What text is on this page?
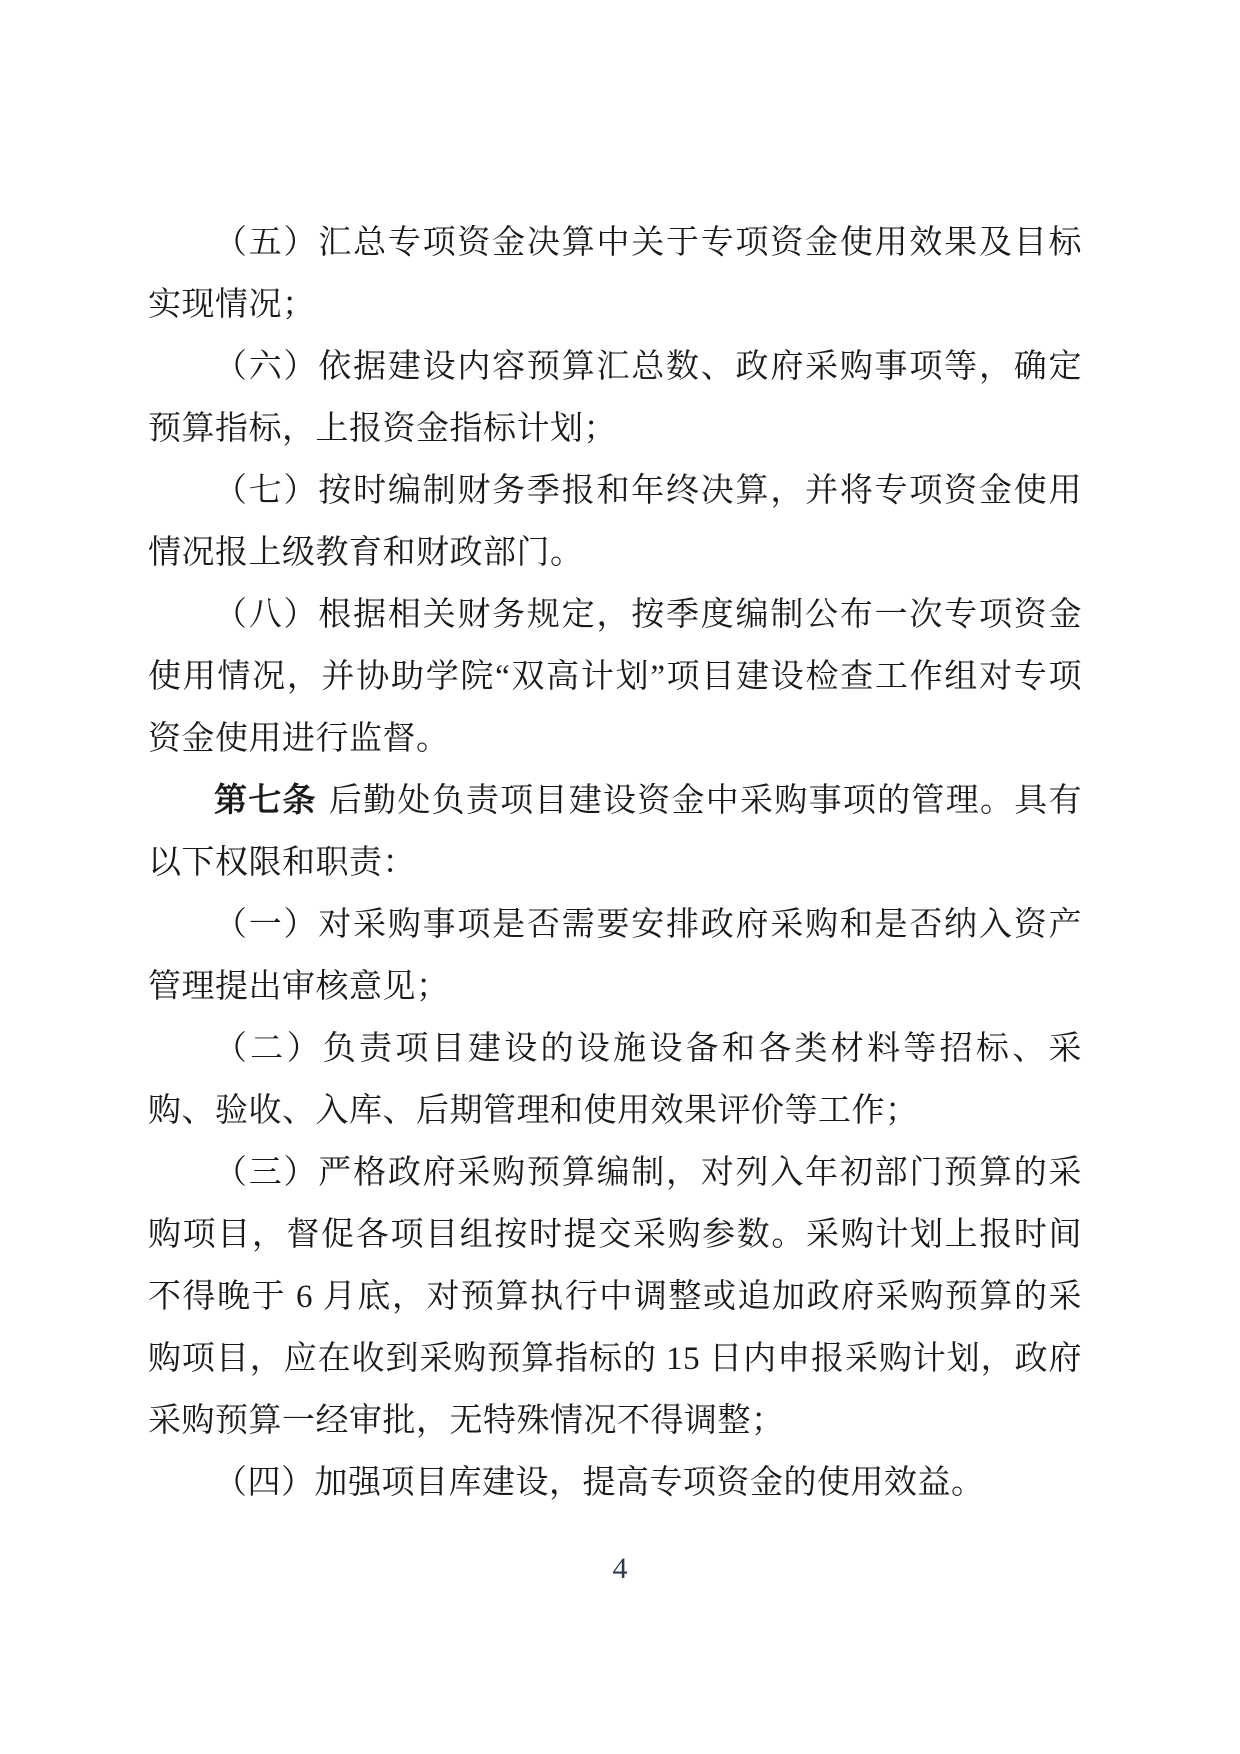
（五）汇总专项资金决算中关于专项资金使用效果及目标实现情况；

（六）依据建设内容预算汇总数、政府采购事项等，确定预算指标，上报资金指标计划；

（七）按时编制财务季报和年终决算，并将专项资金使用情况报上级教育和财政部门。

（八）根据相关财务规定，按季度编制公布一次专项资金使用情况，并协助学院“双高计划”项目建设检查工作组对专项资金使用进行监督。

第七条 后勤处负责项目建设资金中采购事项的管理。具有以下权限和职责：

（一）对采购事项是否需要安排政府采购和是否纳入资产管理提出审核意见；

（二）负责项目建设的设施设备和各类材料等招标、采购、验收、入库、后期管理和使用效果评价等工作；

（三）严格政府采购预算编制，对列入年初部门预算的采购项目，督促各项目组按时提交采购参数。采购计划上报时间不得晚于 6 月底，对预算执行中调整或追加政府采购预算的采购项目，应在收到采购预算指标的 15 日内申报采购计划，政府采购预算一经审批，无特殊情况不得调整；

（四）加强项目库建设，提高专项资金的使用效益。

4
